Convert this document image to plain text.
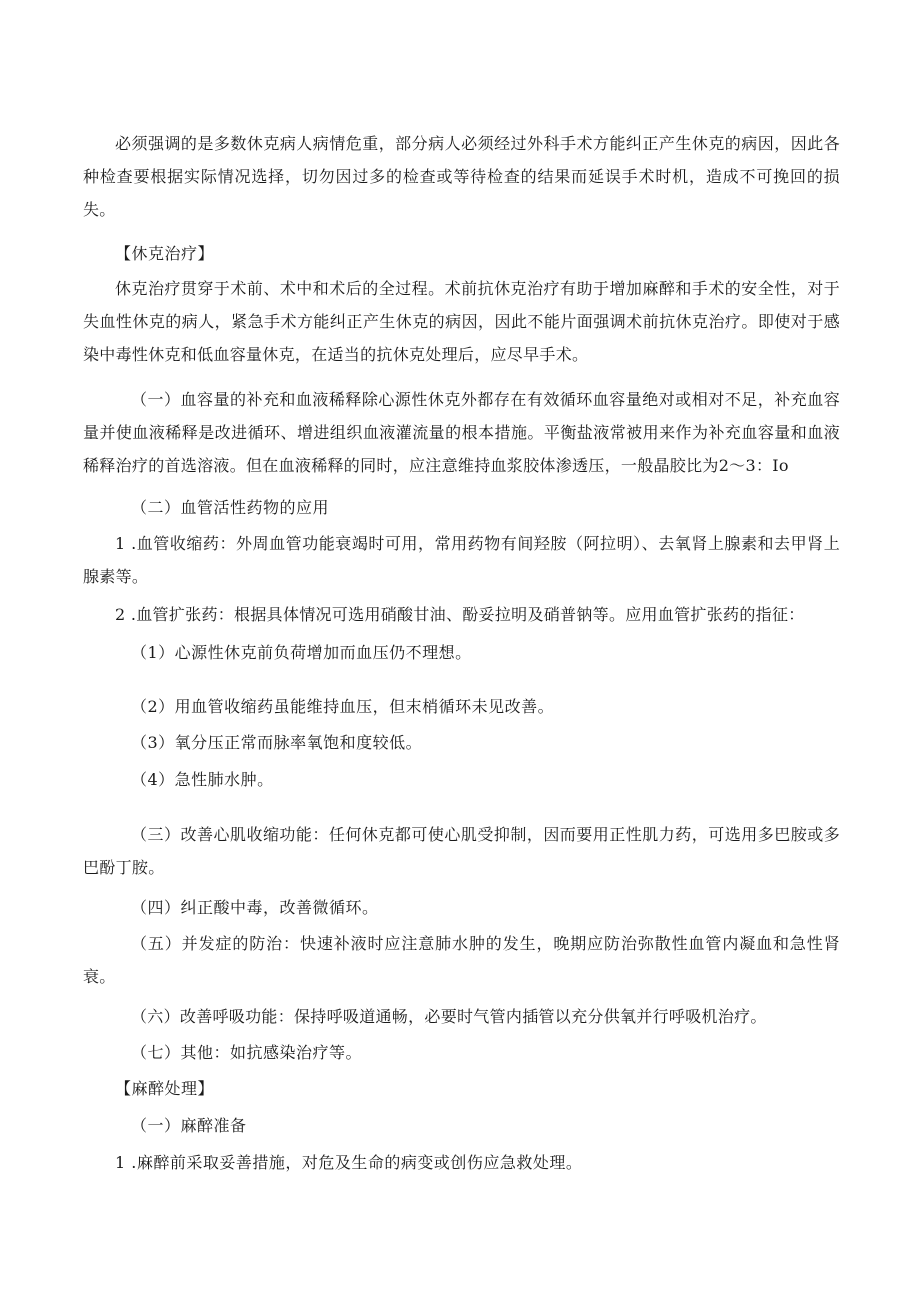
必须强调的是多数休克病人病情危重，部分病人必须经过外科手术方能纠正产生休克的病因，因此各种检查要根据实际情况选择，切勿因过多的检查或等待检查的结果而延误手术时机，造成不可挽回的损失。

【休克治疗】

休克治疗贯穿于术前、术中和术后的全过程。术前抗休克治疗有助于增加麻醉和手术的安全性，对于失血性休克的病人，紧急手术方能纠正产生休克的病因，因此不能片面强调术前抗休克治疗。即使对于感染中毒性休克和低血容量休克，在适当的抗休克处理后，应尽早手术。

（一）血容量的补充和血液稀释除心源性休克外都存在有效循环血容量绝对或相对不足，补充血容量并使血液稀释是改进循环、增进组织血液灌流量的根本措施。平衡盐液常被用来作为补充血容量和血液稀释治疗的首选溶液。但在血液稀释的同时，应注意维持血浆胶体渗透压，一般晶胶比为2～3：Io

（二）血管活性药物的应用

1 .血管收缩药：外周血管功能衰竭时可用，常用药物有间羟胺（阿拉明）、去氧肾上腺素和去甲肾上腺素等。

2 .血管扩张药：根据具体情况可选用硝酸甘油、酚妥拉明及硝普钠等。应用血管扩张药的指征：

（1）心源性休克前负荷增加而血压仍不理想。

（2）用血管收缩药虽能维持血压，但末梢循环未见改善。

（3）氧分压正常而脉率氧饱和度较低。

（4）急性肺水肿。

（三）改善心肌收缩功能：任何休克都可使心肌受抑制，因而要用正性肌力药，可选用多巴胺或多巴酚丁胺。

（四）纠正酸中毒，改善微循环。

（五）并发症的防治：快速补液时应注意肺水肿的发生，晚期应防治弥散性血管内凝血和急性肾衰。

（六）改善呼吸功能：保持呼吸道通畅，必要时气管内插管以充分供氧并行呼吸机治疗。

（七）其他：如抗感染治疗等。

【麻醉处理】

（一）麻醉准备

1 .麻醉前采取妥善措施，对危及生命的病变或创伤应急救处理。
